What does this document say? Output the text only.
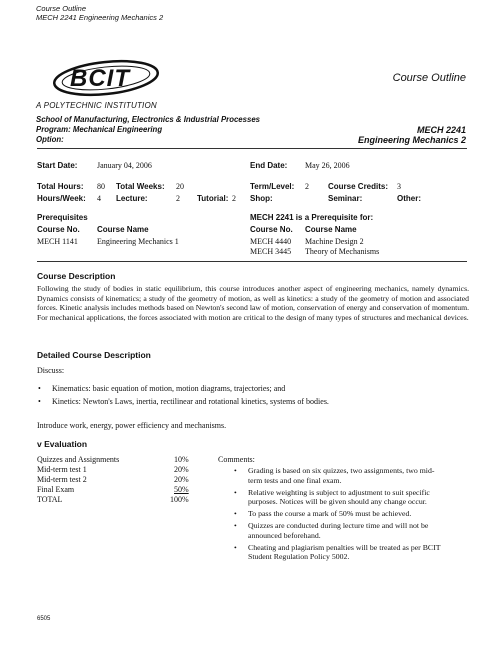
Course Outline
MECH 2241 Engineering Mechanics 2
BCIT
A POLYTECHNIC INSTITUTION
Course Outline
School of Manufacturing, Electronics & Industrial Processes
Program: Mechanical Engineering
Option:
MECH 2241
Engineering Mechanics 2
Start Date: January 04, 2006	End Date: May 26, 2006
Total Hours: 80 Total Weeks: 20	Term/Level: 2 Course Credits: 3
Hours/Week: 4 Lecture:	2 Tutorial: 2 Shop:	Seminar:	Other:
Prerequisites
Course No. Course Name
MECH 1141 Engineering Mechanics 1
MECH 2241 is a Prerequisite for:
Course No. Course Name
MECH 4440 Machine Design 2
MECH 3445 Theory of Mechanisms
Course Description
Following the study of bodies in static equilibrium, this course introduces another aspect of engineering mechanics, namely dynamics. Dynamics consists of kinematics; a study of the geometry of motion, as well as kinetics: a study of the geometry of motion and associated forces. Kinetic analysis includes methods based on Newton's second law of motion, conservation of energy and conservation of momentum. For mechanical applications, the forces associated with motion are critical to the design of many types of structures and mechanical devices.
Detailed Course Description
Discuss:
• Kinematics: basic equation of motion, motion diagrams, trajectories; and
• Kinetics: Newton's Laws, inertia, rectilinear and rotational kinetics, systems of bodies.
Introduce work, energy, power efficiency and mechanisms.
v Evaluation
Quizzes and Assignments	10%
Mid-term test 1	20%
Mid-term test 2	20%
Final Exam	50%
TOTAL	100%
Comments:
• Grading is based on six quizzes, two assignments, two mid-term tests and one final exam.
• Relative weighting is subject to adjustment to suit specific purposes. Notices will be given should any change occur.
• To pass the course a mark of 50% must be achieved.
• Quizzes are conducted during lecture time and will not be announced beforehand.
• Cheating and plagiarism penalties will be treated as per BCIT Student Regulation Policy 5002.
6505
